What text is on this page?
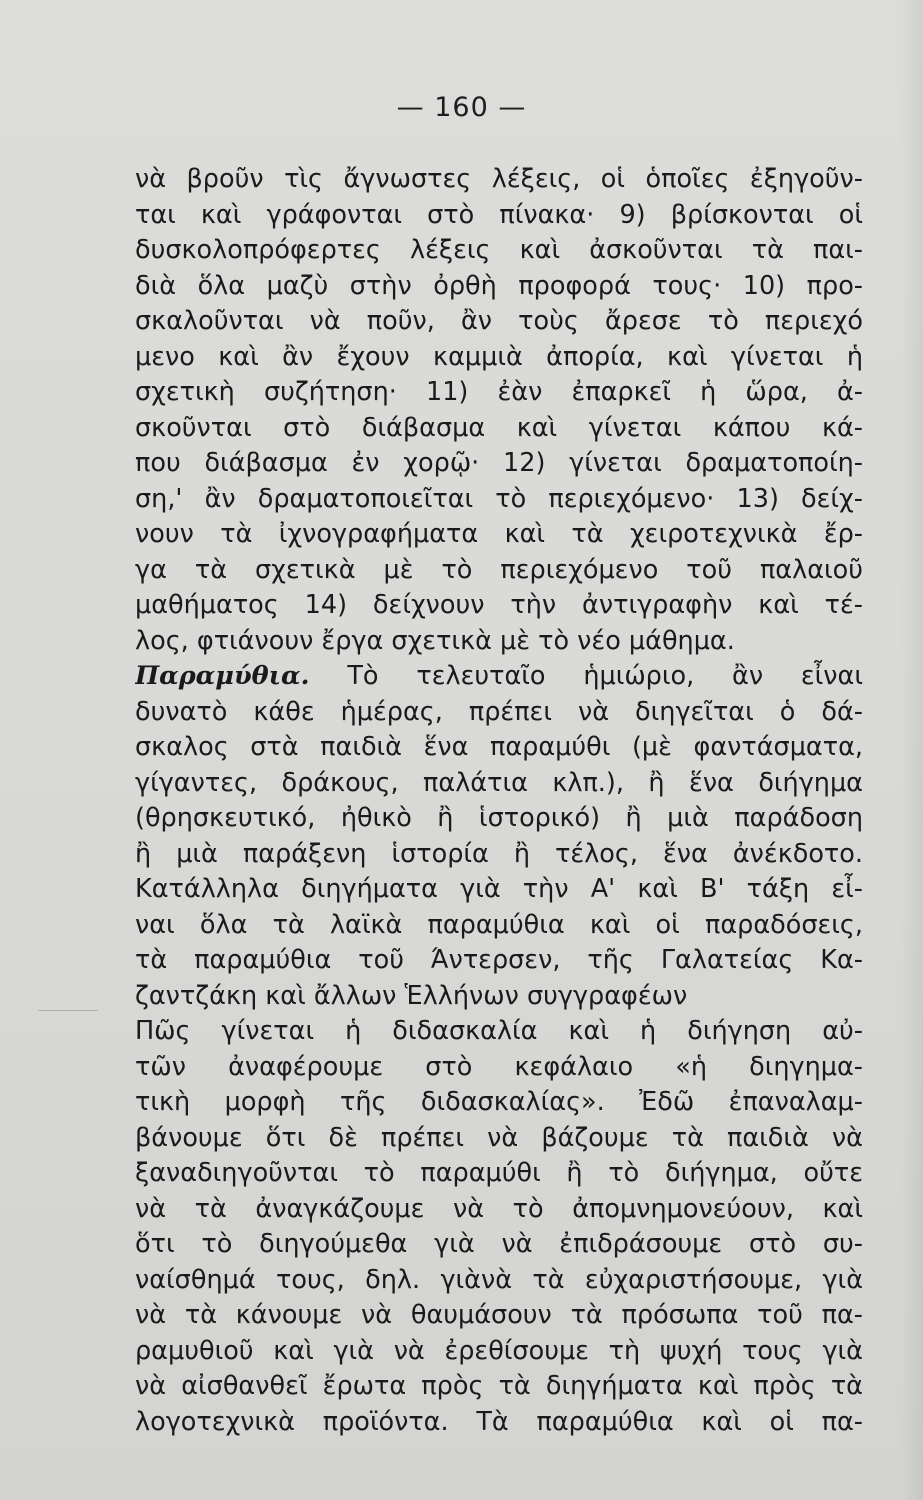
— 160 —
νὰ βροῦν τὶς ἄγνωστες λέξεις, οἱ ὁποῖες ἐξηγοῦν-
ται καὶ γράφονται στὸ πίνακα· 9) βρίσκονται οἱ
δυσκολοπρόφερτες λέξεις καὶ ἀσκοῦνται τὰ παι-
διὰ ὅλα μαζὺ στὴν ὀρθὴ προφορά τους· 10) προ-
σκαλοῦνται νὰ ποῦν, ἂν τοὺς ἄρεσε τὸ περιεχό
μενο καὶ ἂν ἔχουν καμμιὰ ἀπορία, καὶ γίνεται ἡ
σχετικὴ συζήτηση· 11) ἐὰν ἐπαρκεῖ ἡ ὥρα, ἀ-
σκοῦνται στὸ διάβασμα καὶ γίνεται κάπου κά-
που διάβασμα ἐν χορῷ· 12) γίνεται δραματοποίη-
ση,' ἂν δραματοποιεῖται τὸ περιεχόμενο· 13) δείχ-
νουν τὰ ἰχνογραφήματα καὶ τὰ χειροτεχνικὰ ἔρ-
γα τὰ σχετικὰ μὲ τὸ περιεχόμενο τοῦ παλαιοῦ
μαθήματος 14) δείχνουν τὴν ἀντιγραφὴν καὶ τέ-
λος, φτιάνουν ἔργα σχετικὰ μὲ τὸ νέο μάθημα.
Παραμύθια. Τὸ τελευταῖο ἡμιώριο, ἂν εἶναι
δυνατὸ κάθε ἡμέρας, πρέπει νὰ διηγεῖται ὁ δά-
σκαλος στὰ παιδιὰ ἕνα παραμύθι (μὲ φαντάσματα,
γίγαντες, δράκους, παλάτια κλπ.), ἢ ἕνα διήγημα
(θρησκευτικό, ἠθικὸ ἢ ἱστορικό) ἢ μιὰ παράδοση
ἢ μιὰ παράξενη ἱστορία ἢ τέλος, ἕνα ἀνέκδοτο.
Κατάλληλα διηγήματα γιὰ τὴν Α' καὶ Β' τάξη εἶ-
ναι ὅλα τὰ λαϊκὰ παραμύθια καὶ οἱ παραδόσεις,
τὰ παραμύθια τοῦ Άντερσεν, τῆς Γαλατείας Κα-
ζαντζάκη καὶ ἄλλων Ἑλλήνων συγγραφέων
Πῶς γίνεται ἡ διδασκαλία καὶ ἡ διήγηση αὐ-
τῶν ἀναφέρουμε στὸ κεφάλαιο «ἡ διηγημα-
τικὴ μορφὴ τῆς διδασκαλίας». Ἐδῶ ἐπαναλαμ-
βάνουμε ὅτι δὲ πρέπει νὰ βάζουμε τὰ παιδιὰ νὰ
ξαναδιηγοῦνται τὸ παραμύθι ἢ τὸ διήγημα, οὔτε
νὰ τὰ ἀναγκάζουμε νὰ τὸ ἀπομνημονεύουν, καὶ
ὅτι τὸ διηγούμεθα γιὰ νὰ ἐπιδράσουμε στὸ συ-
ναίσθημά τους, δηλ. γιὰνὰ τὰ εὐχαριστήσουμε, γιὰ
νὰ τὰ κάνουμε νὰ θαυμάσουν τὰ πρόσωπα τοῦ πα-
ραμυθιοῦ καὶ γιὰ νὰ ἐρεθίσουμε τὴ ψυχή τους γιὰ
νὰ αἰσθανθεῖ ἔρωτα πρὸς τὰ διηγήματα καὶ πρὸς τὰ
λογοτεχνικὰ προϊόντα. Τὰ παραμύθια καὶ οἱ πα-
